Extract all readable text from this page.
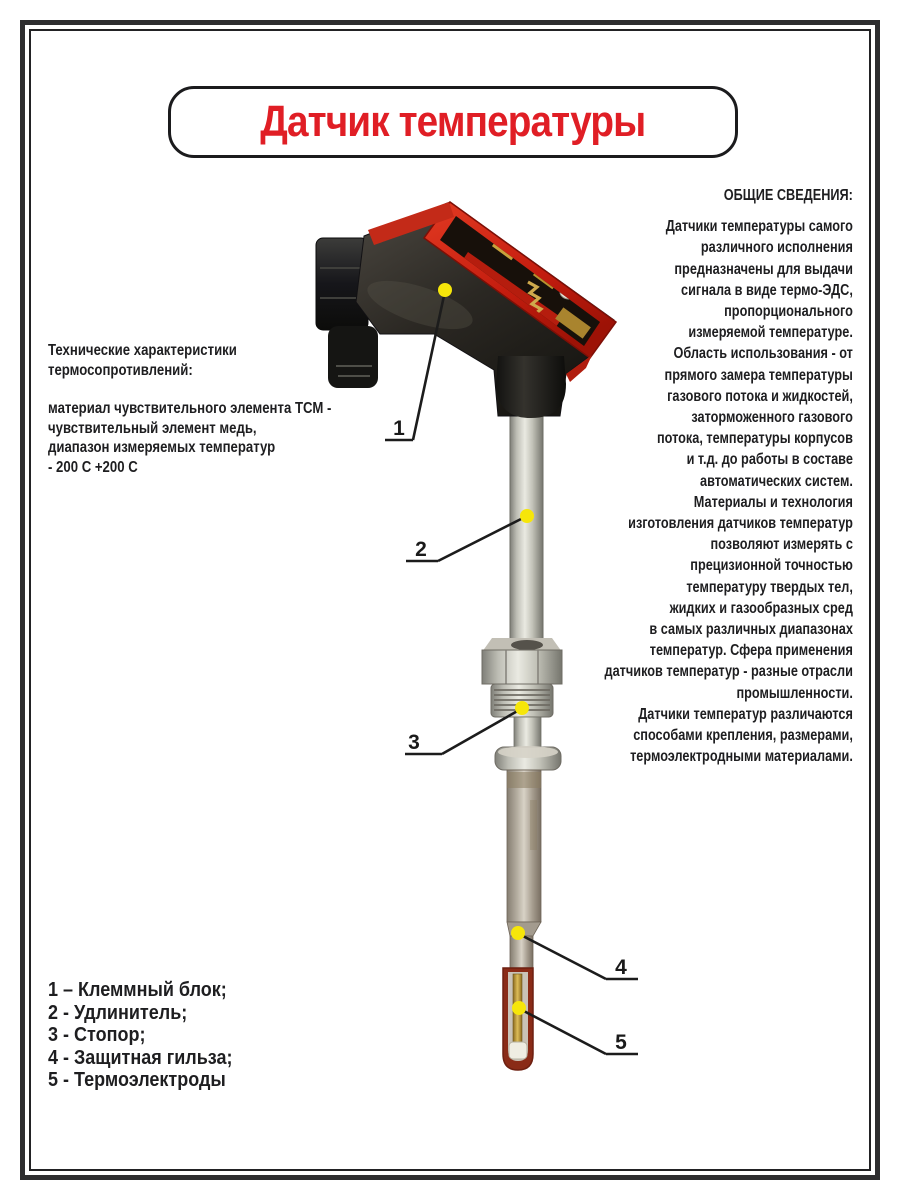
Датчик температуры
1
2
3
4
5
Технические характеристики
термосопротивлений:
материал чувствительного элемента ТСМ -
чувствительный элемент медь,
диапазон измеряемых температур
- 200 С +200 С
ОБЩИЕ СВЕДЕНИЯ:
Датчики температуры самого
различного исполнения
предназначены для выдачи
сигнала в виде термо-ЭДС,
пропорционального
измеряемой температуре.
Область использования - от
прямого замера температуры
газового потока и жидкостей,
заторможенного газового
потока, температуры корпусов
и т.д. до работы в составе
автоматических систем.
Материалы и технология
изготовления датчиков температур
позволяют измерять с
прецизионной точностью
температуру твердых тел,
жидких и газообразных сред
в самых различных диапазонах
температур. Сфера применения
датчиков температур - разные отрасли
промышленности.
Датчики температур различаются
способами крепления, размерами,
термоэлектродными материалами.
1 – Клеммный блок;
2 - Удлинитель;
3 - Стопор;
4 - Защитная гильза;
5 - Термоэлектроды
